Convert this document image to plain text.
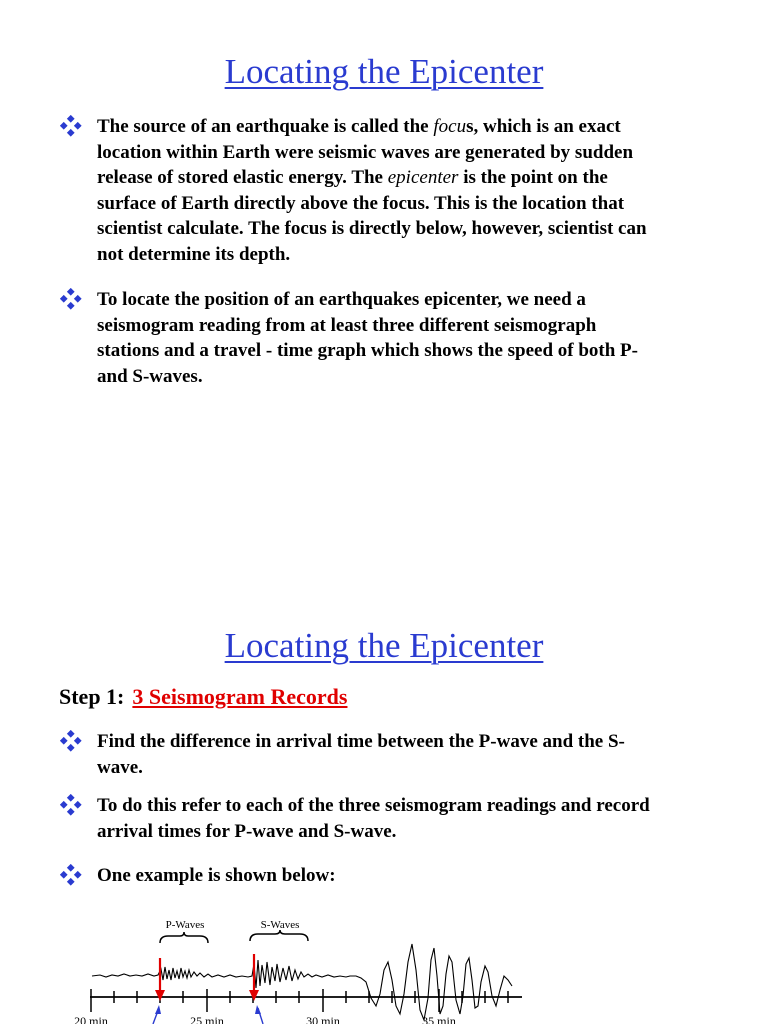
Locating the Epicenter
The source of an earthquake is called the focus, which is an exact location within Earth were seismic waves are generated by sudden release of stored elastic energy. The epicenter is the point on the surface of Earth directly above the focus. This is the location that scientist calculate. The focus is directly below, however, scientist can not determine its depth.
To locate the position of an earthquakes epicenter, we need a seismogram reading from at least three different seismograph stations and a travel - time graph which shows the speed of both P- and S-waves.
Locating the Epicenter
Step 1: 3 Seismogram Records
Find the difference in arrival time between the P-wave and the S-wave.
To do this refer to each of the three seismogram readings and record arrival times for P-wave and S-wave.
One example is shown below:
P-Waves	S-Waves
20 min	25 min	30 min	35 min
